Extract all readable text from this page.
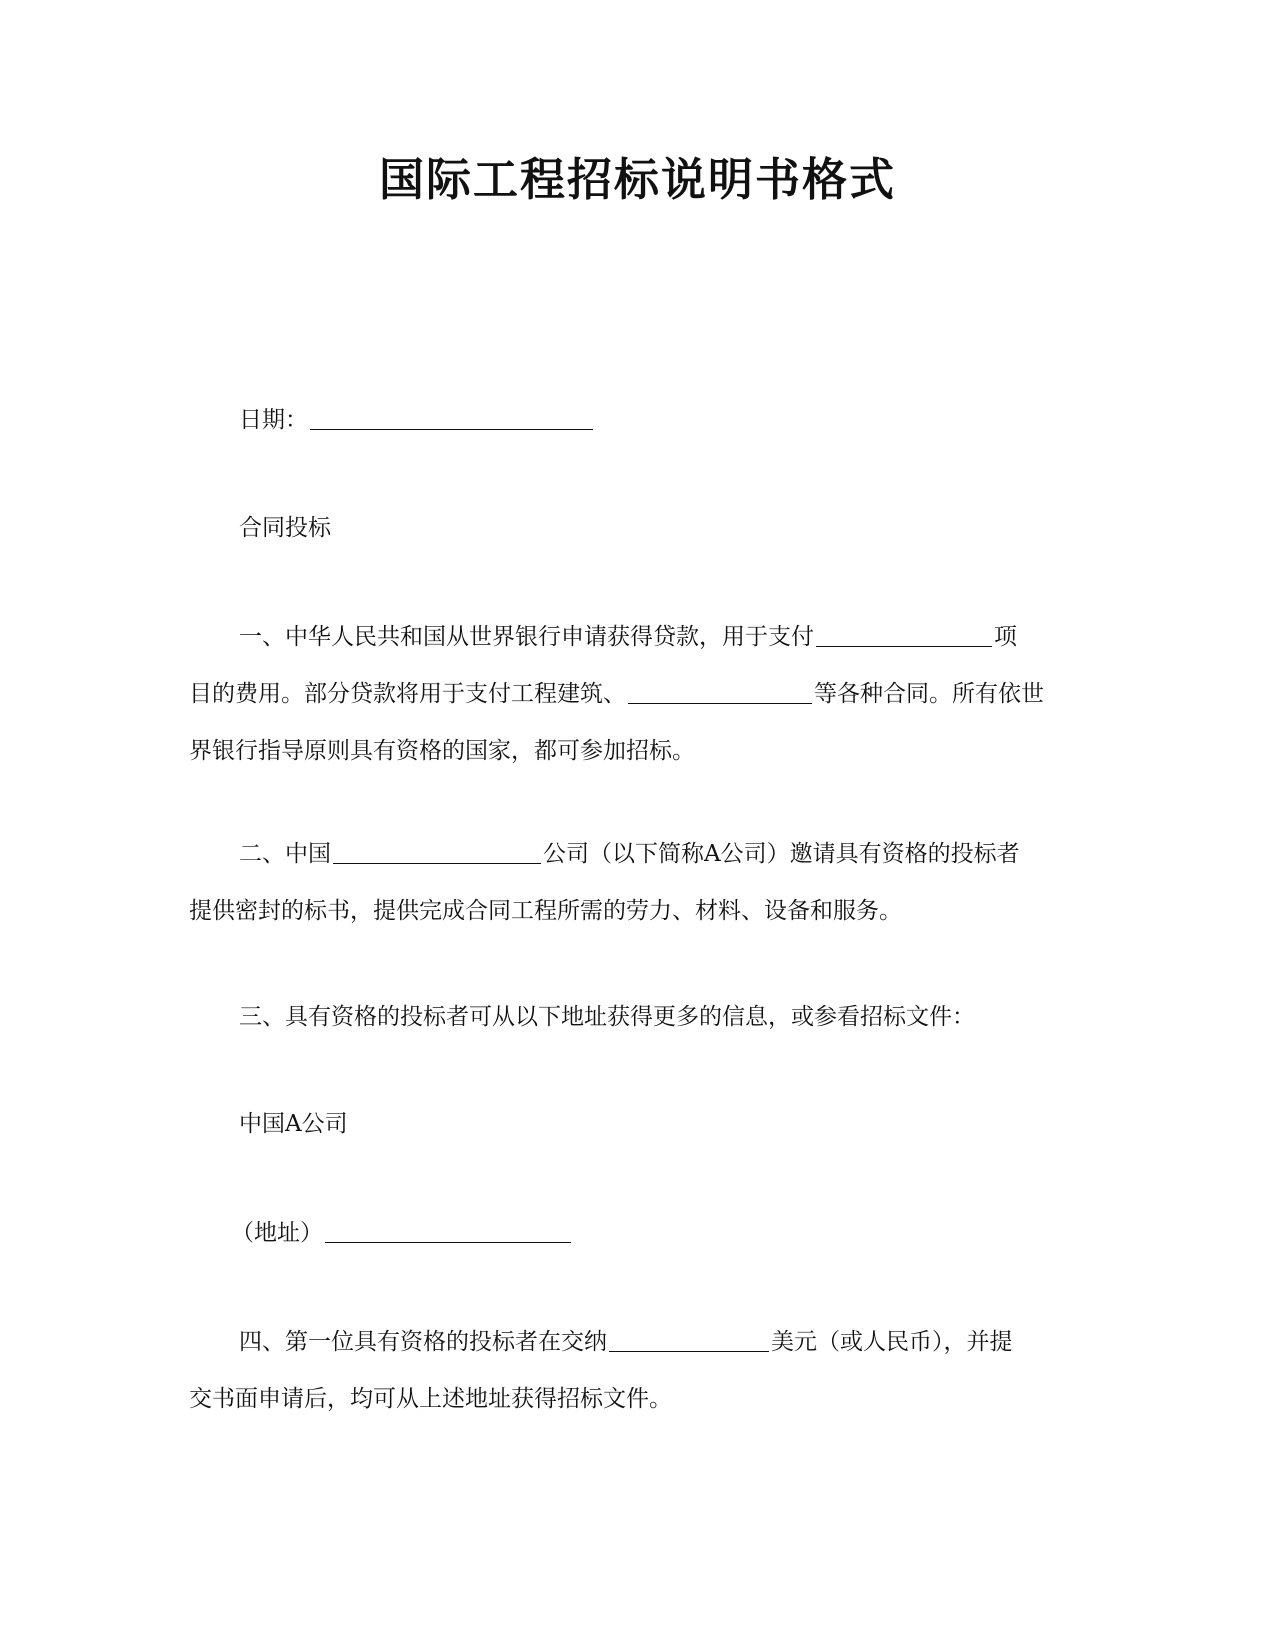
国际工程招标说明书格式
日期：
合同投标
一、中华人民共和国从世界银行申请获得贷款，用于支付	项
目的费用。部分贷款将用于支付工程建筑、	等各种合同。所有依世
界银行指导原则具有资格的国家，都可参加招标。
二、中国	公司（以下简称A公司）邀请具有资格的投标者
提供密封的标书，提供完成合同工程所需的劳力、材料、设备和服务。
三、具有资格的投标者可从以下地址获得更多的信息，或参看招标文件：
中国A公司
（地址）
四、第一位具有资格的投标者在交纳	美元（或人民币），并提
交书面申请后，均可从上述地址获得招标文件。
